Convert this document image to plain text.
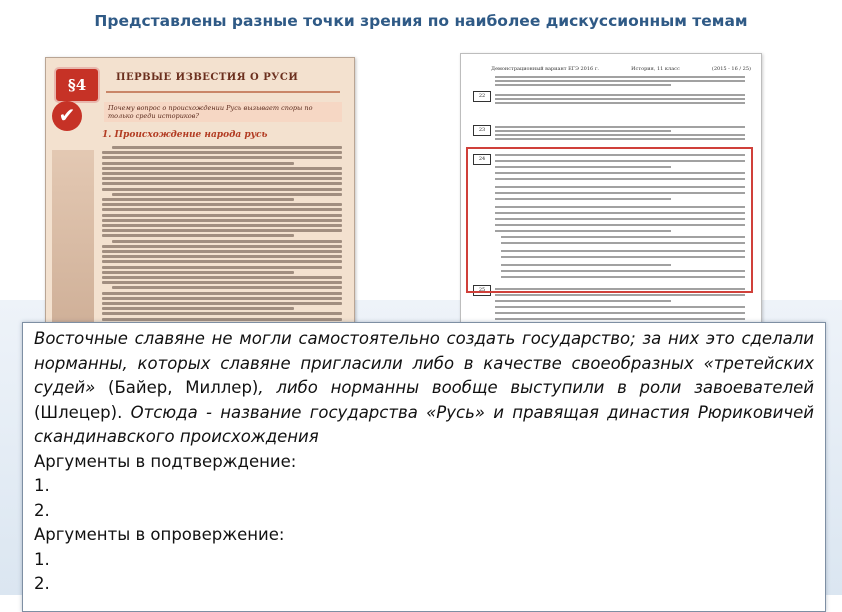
Представлены разные точки зрения по наиболее дискуссионным темам
§4	ПЕРВЫЕ ИЗВЕСТИЯ О РУСИ
✔	Почему вопрос о происхождении Русь вызывает споры по только среди историков?
1. Происхождение народа русь
Демонстрационный вариант ЕГЭ 2016 г.	История, 11 класс	(2015 - 16 / 25)
22
23
24
25
Восточные славяне не могли самостоятельно создать государство; за них это сделали норманны, которых славяне пригласили либо в качестве своеобразных «третейских судей» (Байер, Миллер), либо норманны вообще выступили в роли завоевателей (Шлецер). Отсюда - название государства «Русь» и правящая династия Рюриковичей скандинавского происхождения
Аргументы в подтверждение:
1.
2.
Аргументы в опровержение:
1.
2.
